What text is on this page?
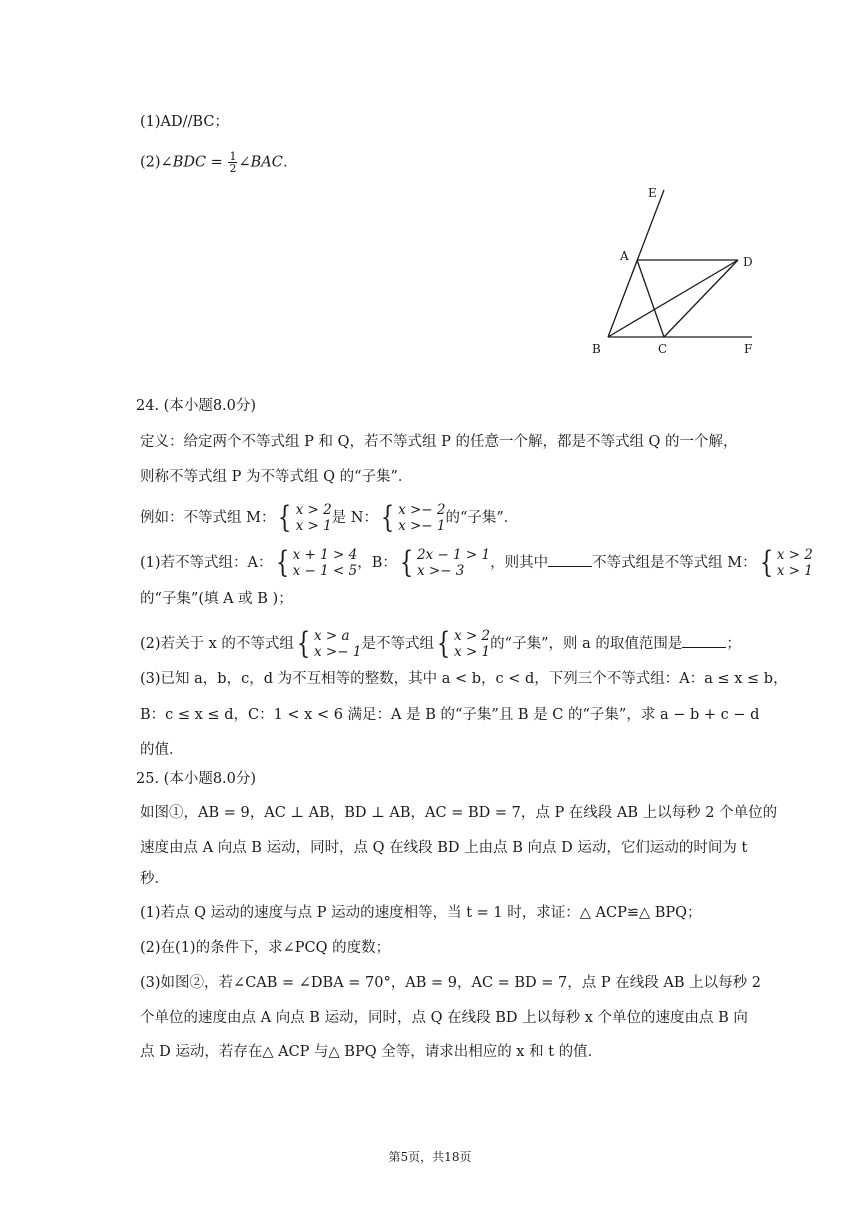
(1)AD//BC；
(2)∠BDC = $\frac{1}{2}$ ∠BAC．
E
A	D
B	C	F
24. (本小题8.0分)
定义：给定两个不等式组 P 和 Q，若不等式组 P 的任意一个解，都是不等式组 Q 的一个解，
则称不等式组 P 为不等式组 Q 的“子集”．
例如：不等式组 M： { x > 2
x > 1 是 N： { x >− 2
x >− 1 的“子集”．
(1)若不等式组：A： { x + 1 > 4
x − 1 < 5 ，B： { 2x − 1 > 1
x >− 3	，则其中	不等式组是不等式组 M： { x > 2
x > 1
的“子集”(填 A 或 B )；
(2)若关于 x 的不等式组 { x > a
x >− 1 是不等式组 { x > 2
x > 1 的“子集”，则 a 的取值范围是	；
(3)已知 a，b，c，d 为不互相等的整数，其中 a < b，c < d，下列三个不等式组：A：a ≤ x ≤ b，
B：c ≤ x ≤ d，C：1 < x < 6 满足：A 是 B 的“子集”且 B 是 C 的“子集”，求 a − b + c − d
的值．
25. (本小题8.0分)
如图①，AB = 9，AC ⊥ AB，BD ⊥ AB，AC = BD = 7，点 P 在线段 AB 上以每秒 2 个单位的
速度由点 A 向点 B 运动，同时，点 Q 在线段 BD 上由点 B 向点 D 运动，它们运动的时间为 t
秒．
(1)若点 Q 运动的速度与点 P 运动的速度相等，当 t = 1 时，求证：△ ACP≌△ BPQ；
(2)在(1)的条件下，求∠PCQ 的度数；
(3)如图②，若∠CAB = ∠DBA = 70°，AB = 9，AC = BD = 7，点 P 在线段 AB 上以每秒 2
个单位的速度由点 A 向点 B 运动，同时，点 Q 在线段 BD 上以每秒 x 个单位的速度由点 B 向
点 D 运动，若存在△ ACP 与△ BPQ 全等，请求出相应的 x 和 t 的值．
第5页，共18页
